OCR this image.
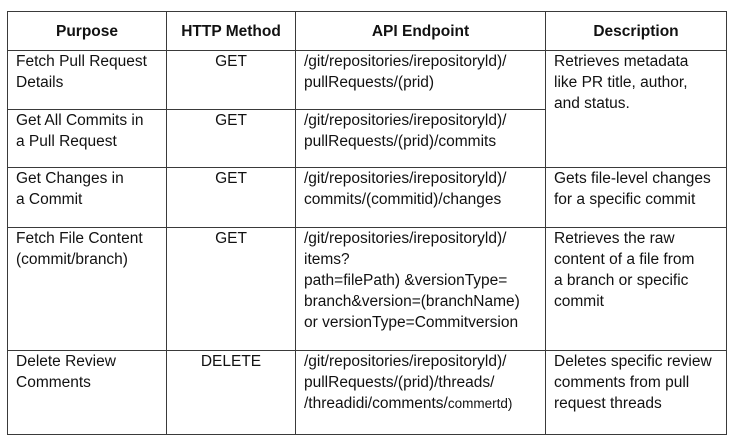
Purpose	HTTP Method	API Endpoint	Description

Fetch Pull Request
Details	GET	/git/repositories/irepositoryld)/
pullRequests/(prid)	Retrieves metadata
like PR title, author,
and status.

Get All Commits in
a Pull Request	GET	/git/repositories/irepositoryld)/
pullRequests/(prid)/commits	

Get Changes in
a Commit	GET	/git/repositories/irepositoryld)/
commits/(commitid)/changes	Gets file-level changes
for a specific commit

Fetch File Content
(commit/branch)	GET	/git/repositories/irepositoryld)/
items?
path=filePath) &versionType=
branch&version=(branchName)
or versionType=Commitversion	Retrieves the raw
content of a file from
a branch or specific
commit

Delete Review
Comments	DELETE	/git/repositories/irepositoryld)/
pullRequests/(prid)/threads/
/threadidi/comments/commertd)	Deletes specific review
comments from pull
request threads
